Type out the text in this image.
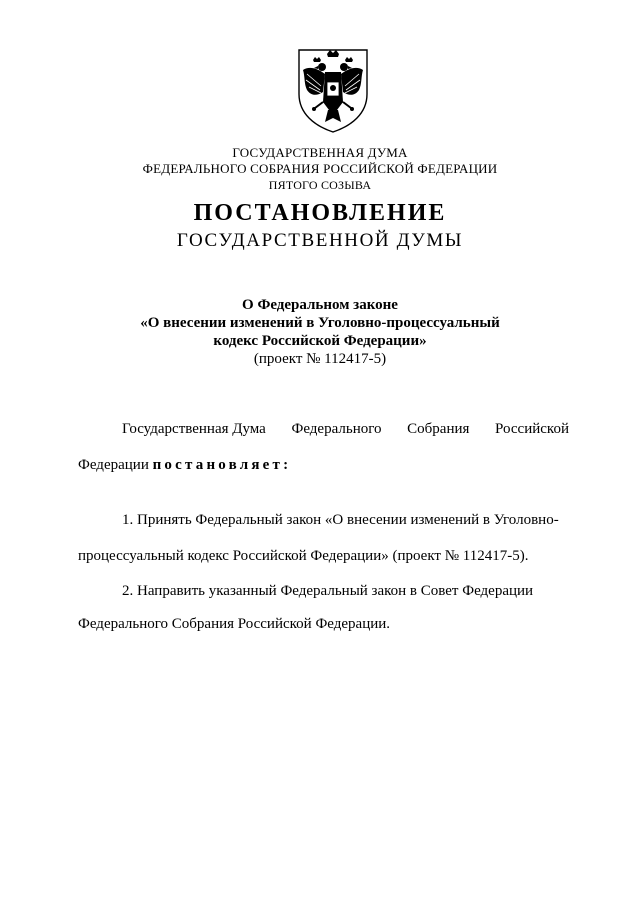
ГОСУДАРСТВЕННАЯ ДУМА
ФЕДЕРАЛЬНОГО СОБРАНИЯ РОССИЙСКОЙ ФЕДЕРАЦИИ
ПЯТОГО СОЗЫВА
ПОСТАНОВЛЕНИЕ
ГОСУДАРСТВЕННОЙ ДУМЫ
О Федеральном законе
«О внесении изменений в Уголовно-процессуальный
кодекс Российской Федерации»
(проект № 112417-5)
Государственная Дума Федерального Собрания Российской
Федерации постановляет:
1. Принять Федеральный закон «О внесении изменений в Уголовно-
процессуальный кодекс Российской Федерации» (проект № 112417-5).
2. Направить указанный Федеральный закон в Совет Федерации
Федерального Собрания Российской Федерации.
